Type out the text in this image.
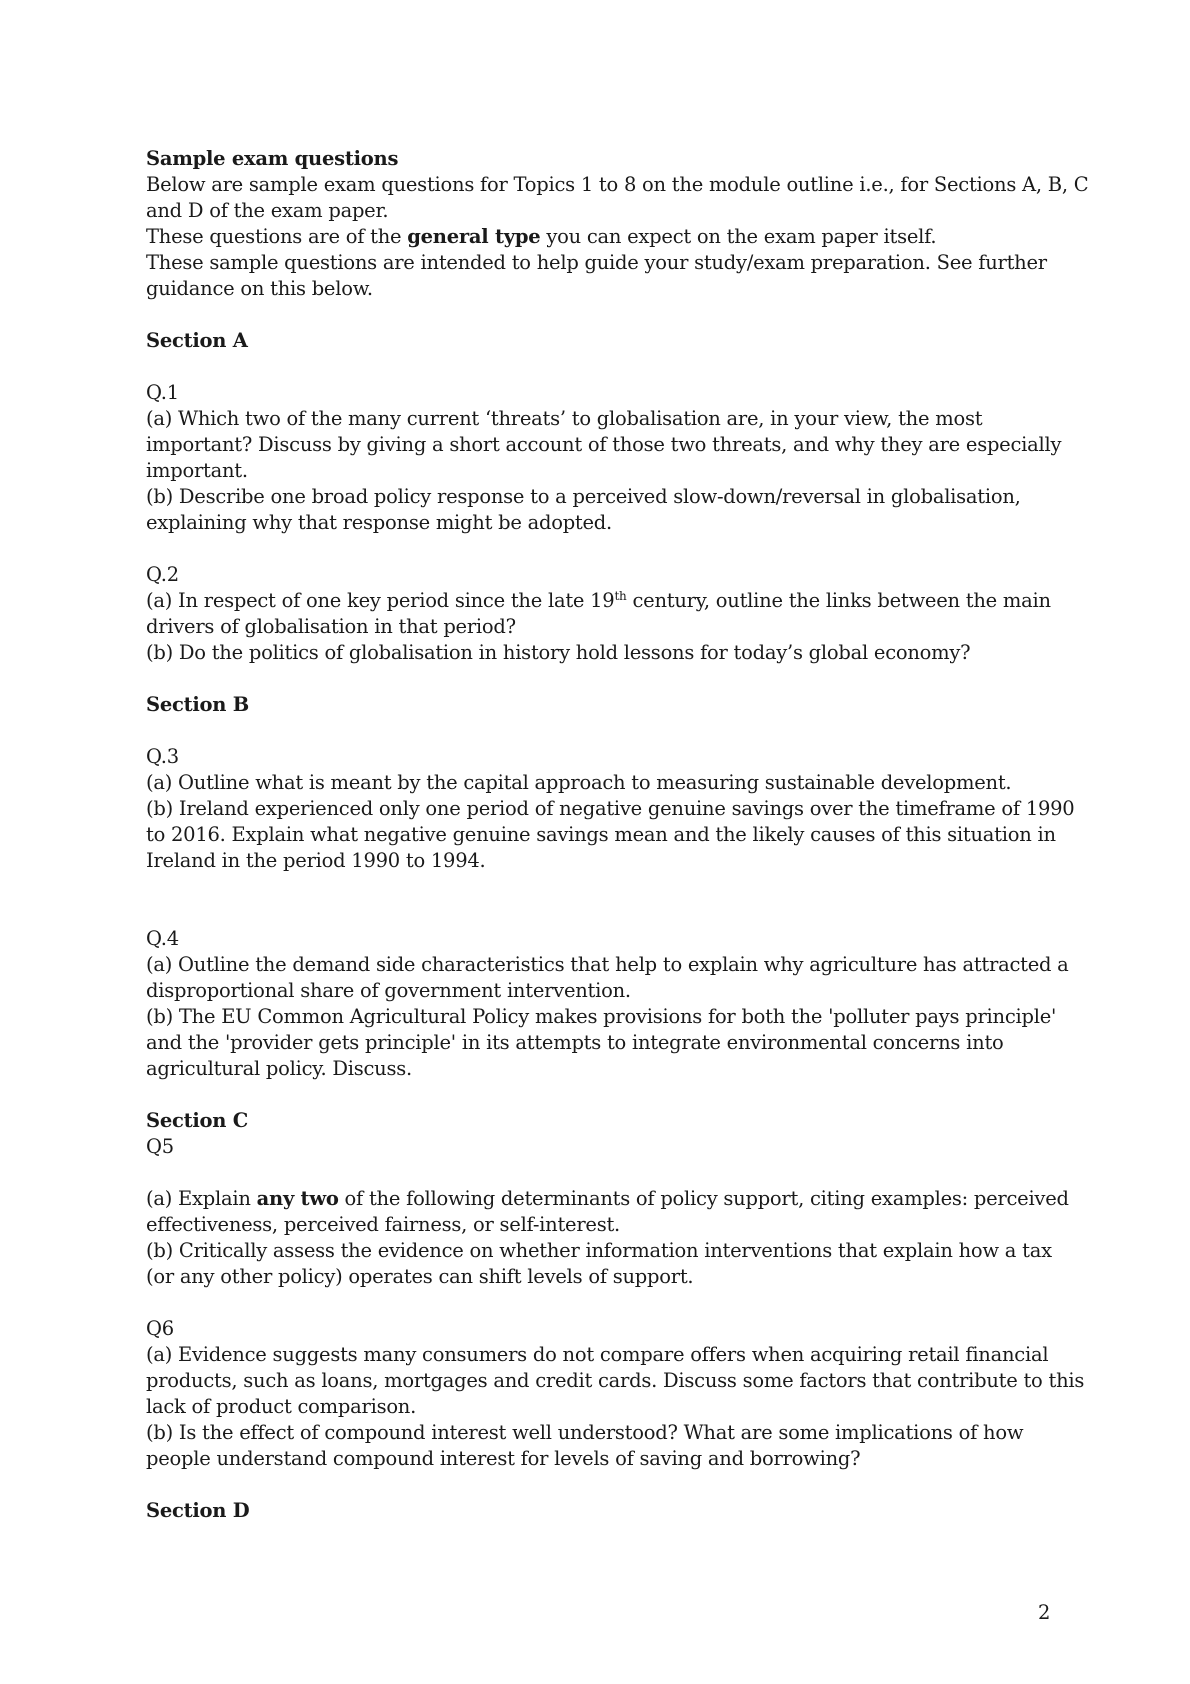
Sample exam questions
Below are sample exam questions for Topics 1 to 8 on the module outline i.e., for Sections A, B, C
and D of the exam paper.
These questions are of the general type you can expect on the exam paper itself.
These sample questions are intended to help guide your study/exam preparation. See further
guidance on this below.
Section A
Q.1
(a) Which two of the many current ‘threats’ to globalisation are, in your view, the most
important? Discuss by giving a short account of those two threats, and why they are especially
important.
(b) Describe one broad policy response to a perceived slow-down/reversal in globalisation,
explaining why that response might be adopted.
Q.2
(a) In respect of one key period since the late 19th century, outline the links between the main
drivers of globalisation in that period?
(b) Do the politics of globalisation in history hold lessons for today’s global economy?
Section B
Q.3
(a) Outline what is meant by the capital approach to measuring sustainable development.
(b) Ireland experienced only one period of negative genuine savings over the timeframe of 1990
to 2016. Explain what negative genuine savings mean and the likely causes of this situation in
Ireland in the period 1990 to 1994.
Q.4
(a) Outline the demand side characteristics that help to explain why agriculture has attracted a
disproportional share of government intervention.
(b) The EU Common Agricultural Policy makes provisions for both the 'polluter pays principle'
and the 'provider gets principle' in its attempts to integrate environmental concerns into
agricultural policy. Discuss.
Section C
Q5
(a) Explain any two of the following determinants of policy support, citing examples: perceived
effectiveness, perceived fairness, or self-interest.
(b) Critically assess the evidence on whether information interventions that explain how a tax
(or any other policy) operates can shift levels of support.
Q6
(a) Evidence suggests many consumers do not compare offers when acquiring retail financial
products, such as loans, mortgages and credit cards. Discuss some factors that contribute to this
lack of product comparison.
(b) Is the effect of compound interest well understood? What are some implications of how
people understand compound interest for levels of saving and borrowing?
Section D
2
